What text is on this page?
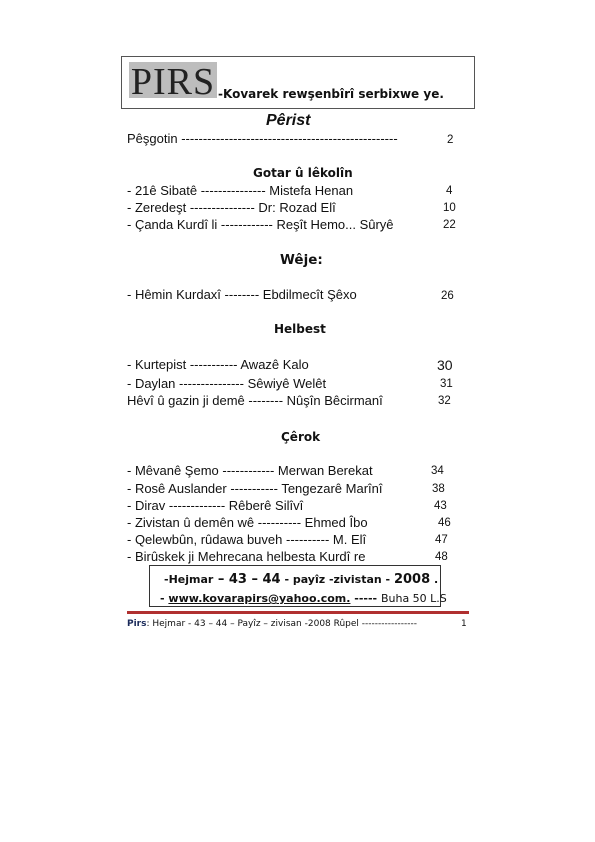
PIRS -Kovarek rewşenbîrî serbixwe ye.
Pêrist
Pêşgotin --------------------------------------------------	2
Gotar û lêkolîn
- 21ê Sibatê --------------- Mistefa Henan	4
- Zeredeşt --------------- Dr: Rozad Elî	10
- Çanda Kurdî li ------------ Reşît Hemo... Sûryê	22
Wêje:
- Hêmin Kurdaxî -------- Ebdilmecît Şêxo	26
Helbest
- Kurtepist ----------- Awazê Kalo	30
- Daylan --------------- Sêwiyê Welêt	31
Hêvî û gazin ji demê -------- Nûşîn Bêcirmanî	32
Çêrok
- Mêvanê Şemo ------------ Merwan Berekat	34
- Rosê Auslander ----------- Tengezarê Marînî	38
- Dirav ------------- Rêberê Silîvî	43
- Zivistan û demên wê ---------- Ehmed Îbo	46
- Qelewbûn, rûdawa buveh ---------- M. Elî	47
- Birûskek ji Mehrecana helbesta Kurdî re	48
-Hejmar – 43 – 44 - payîz -zivistan - 2008 .
- www.kovarapirs@yahoo.com. ----- Buha 50 L.S
Pirs: Hejmar - 43 – 44 – Payîz – zivisan -2008 Rûpel -----------------	1
